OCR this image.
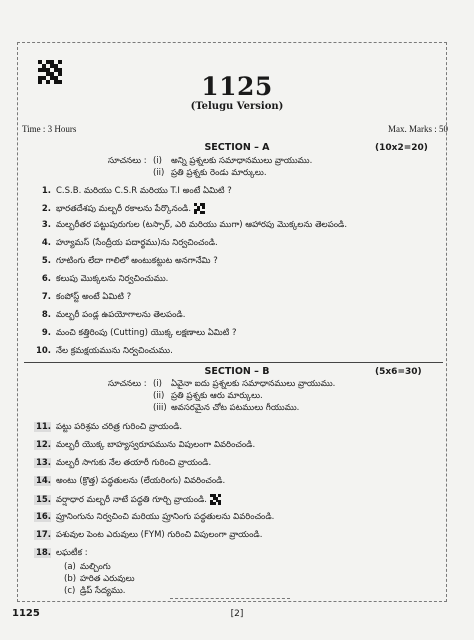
1125
(Telugu Version)
Time : 3 Hours	Max. Marks : 50
SECTION – A	(10x2=20)
సూచనలు : (i) అన్ని ప్రశ్నలకు సమాధానములు వ్రాయుము.
(ii) ప్రతి ప్రశ్నకు రెండు మార్కులు.
1. C.S.B. మరియు C.S.R మరియు T.I అంటే ఏమిటి ?
2. భారతదేశపు మల్బరీ రకాలను పేర్కొనండి.
3. మల్బరీతర పట్టుపురుగుల (టస్సార్, ఎరి మరియు ముగా) ఆహారపు మొక్కలను తెలపండి.
4. హ్యూమస్ (సేంద్రీయ పదార్థము)ను నిర్వచించండి.
5. గూటింగు లేదా గాలిలో అంటుకట్టుట అనగానేమి ?
6. కలుపు మొక్కలను నిర్వచించుము.
7. కంపోస్ట్ అంటే ఏమిటి ?
8. మల్బరీ పండ్ల ఉపయోగాలను తెలపండి.
9. మంచి కత్తిరింపు (Cutting) యొక్క లక్షణాలు ఏమిటి ?
10. నేల క్రమక్షయమును నిర్వచించుము.
SECTION – B	(5x6=30)
సూచనలు : (i) ఏవైనా ఐదు ప్రశ్నలకు సమాధానములు వ్రాయుము.
(ii) ప్రతి ప్రశ్నకు ఆరు మార్కులు.
(iii) అవసరమైన చోట పటములు గీయుము.
11. పట్టు పరిశ్రమ చరిత్ర గురించి వ్రాయండి.
12. మల్బరీ యొక్క బాహ్యస్వరూపమును విపులంగా వివరించండి.
13. మల్బరీ సాగుకు నేల తయారీ గురించి వ్రాయండి.
14. అంటు (క్రొత్త) పద్ధతులను (లేయరింగు) వివరించండి.
15. వర్షాధార మల్బరీ నాటే పద్ధతి గూర్చి వ్రాయండి.
16. ప్రూనింగును నిర్వచించి మరియు ప్రూనింగు పద్ధతులను వివరించండి.
17. పశువుల పెంట ఎరువులు (FYM) గురించి విపులంగా వ్రాయండి.
18. లఘటీక :
(a) మల్చింగు
(b) హరిత ఎరువులు
(c) డ్రిప్ సేద్యము.
1125	[2]
